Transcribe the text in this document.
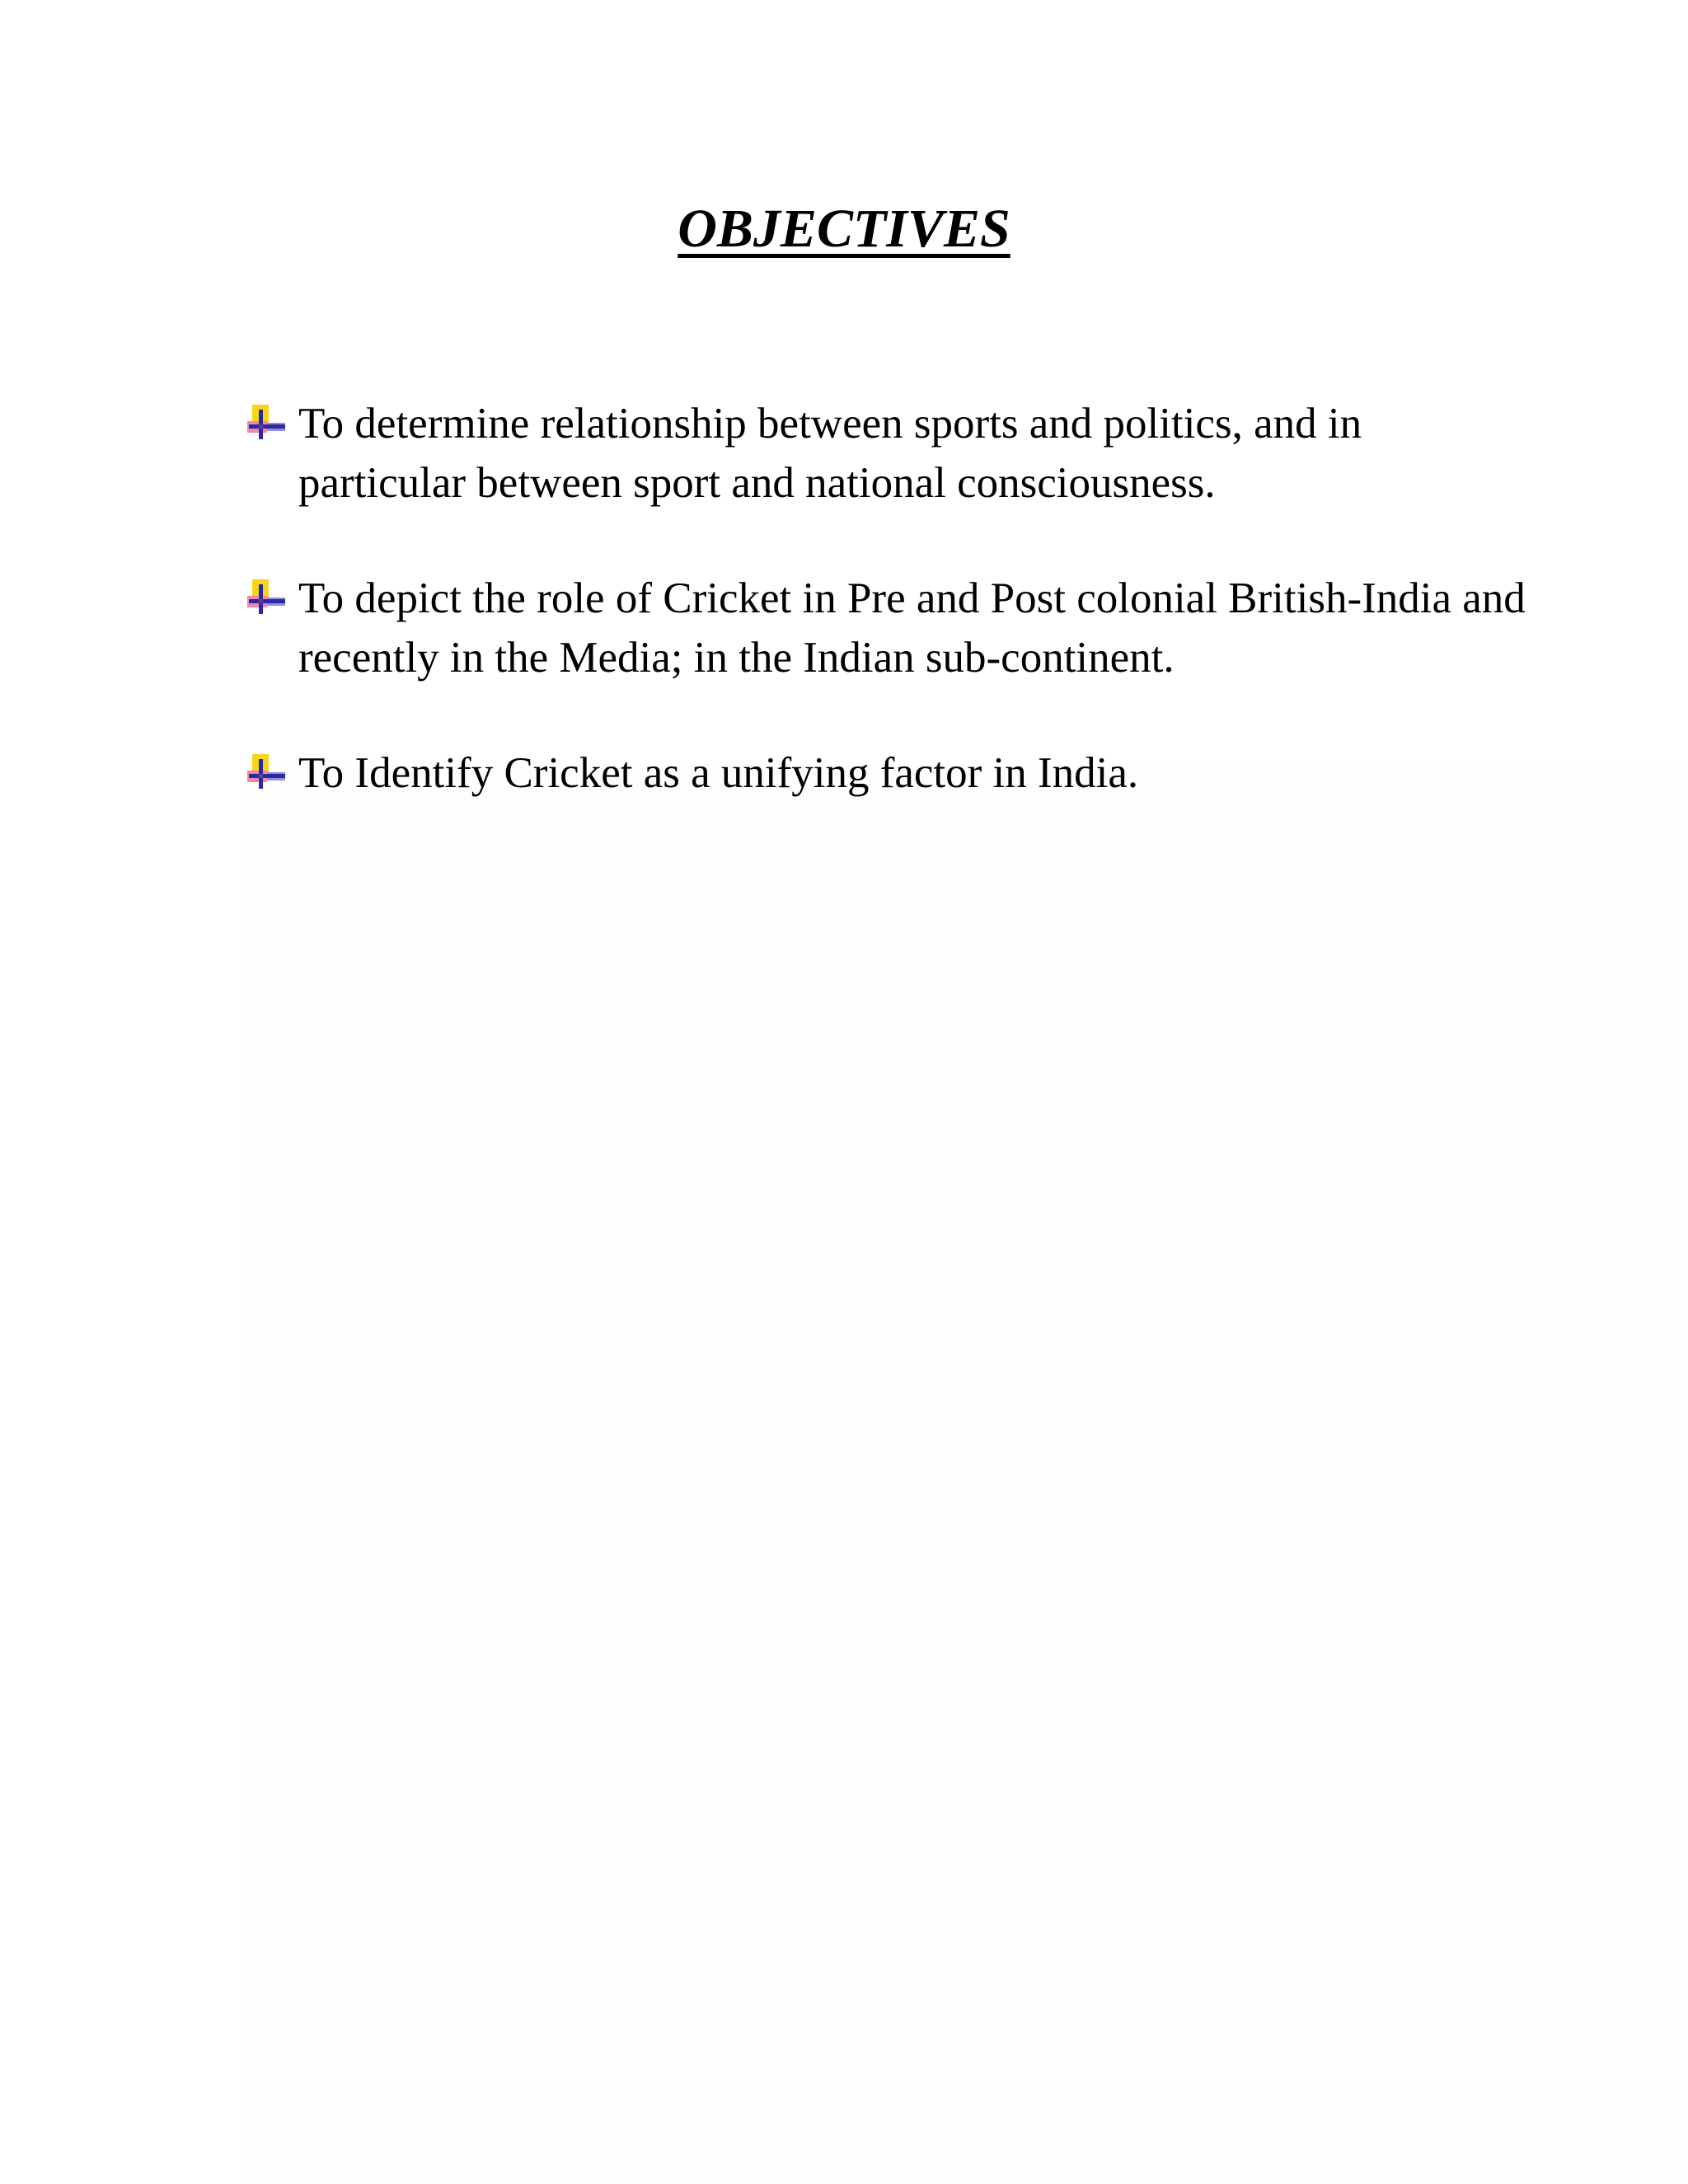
OBJECTIVES
To determine relationship between sports and politics, and in particular between sport and national consciousness.
To depict the role of Cricket in Pre and Post colonial British-India and recently in the Media; in the Indian sub-continent.
To Identify Cricket as a unifying factor in India.
